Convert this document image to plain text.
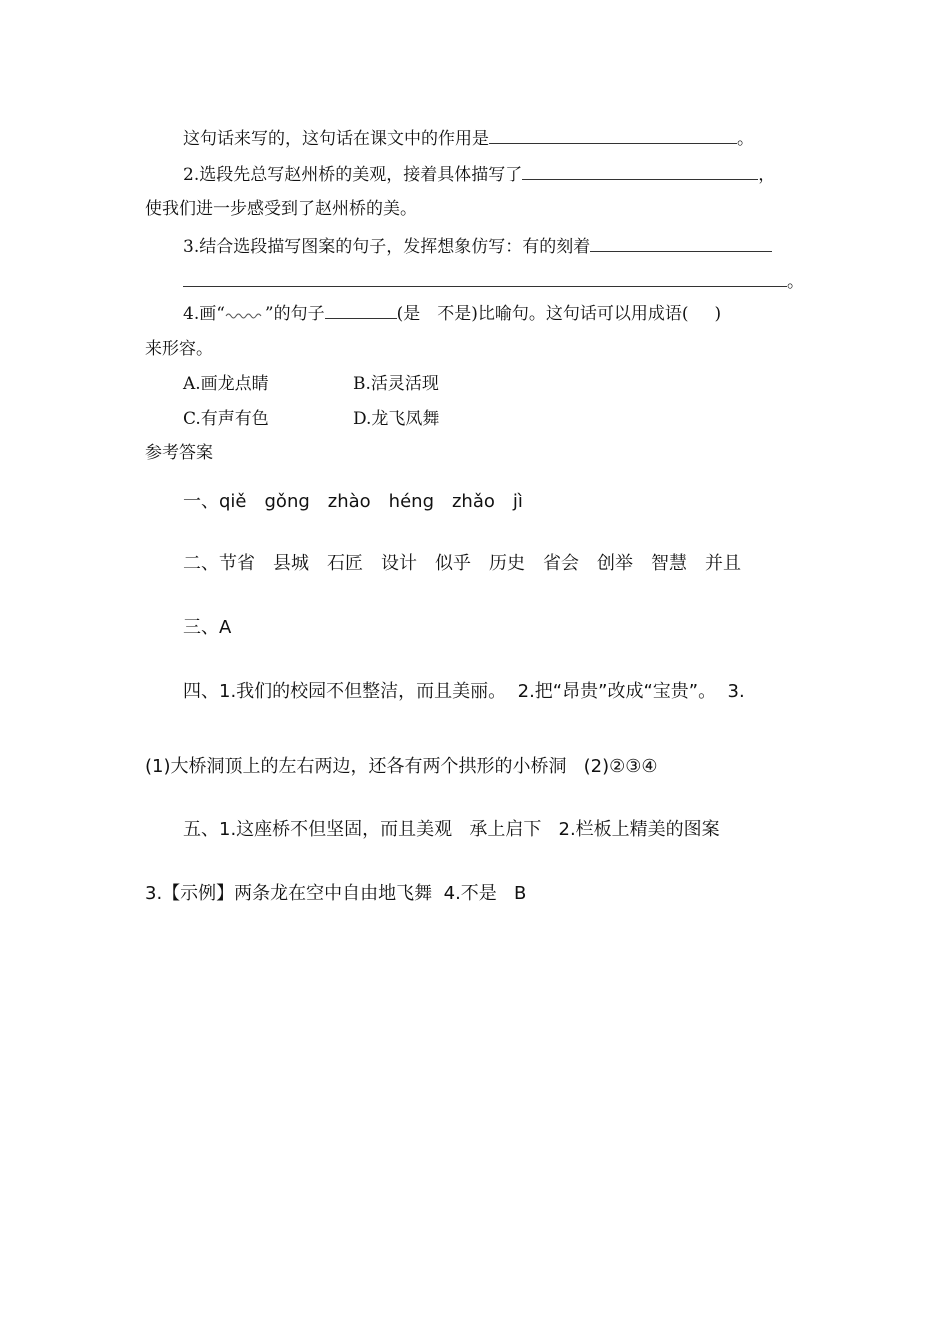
这句话来写的，这句话在课文中的作用是	。
2.选段先总写赵州桥的美观，接着具体描写了	，
使我们进一步感受到了赵州桥的美。
3.结合选段描写图案的句子，发挥想象仿写：有的刻着
。
4.画“ ”的句子	(是　不是)比喻句。这句话可以用成语( )
来形容。
A.画龙点睛	B.活灵活现
C.有声有色	D.龙飞凤舞
参考答案
一、qiě　gǒng　zhào　héng　zhǎo　jì
二、节省　县城　石匠　设计　似乎　历史　省会　创举　智慧　并且
三、A
四、1.我们的校园不但整洁，而且美丽。  2.把“昂贵”改成“宝贵”。  3.
(1)大桥洞顶上的左右两边，还各有两个拱形的小桥洞   (2)②③④
五、1.这座桥不但坚固，而且美观   承上启下   2.栏板上精美的图案
3.【示例】两条龙在空中自由地飞舞  4.不是   B
